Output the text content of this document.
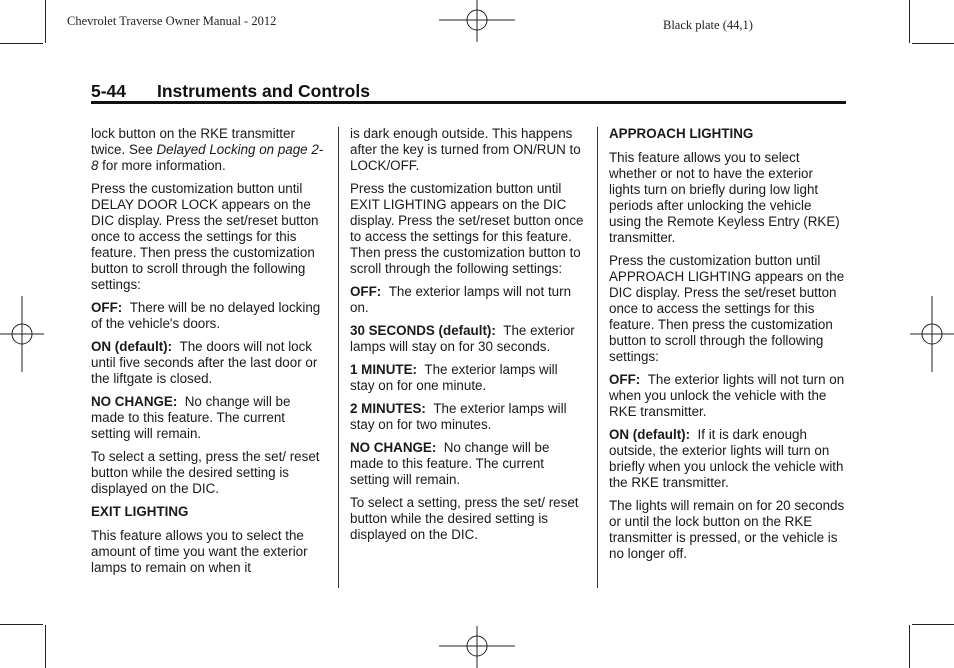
Chevrolet Traverse Owner Manual - 2012	Black plate (44,1)
5-44 Instruments and Controls

lock button on the RKE transmitter twice. See Delayed Locking on page 2-8 for more information.

Press the customization button until DELAY DOOR LOCK appears on the DIC display. Press the set/reset button once to access the settings for this feature. Then press the customization button to scroll through the following settings:

OFF: There will be no delayed locking of the vehicle's doors.

ON (default): The doors will not lock until five seconds after the last door or the liftgate is closed.

NO CHANGE: No change will be made to this feature. The current setting will remain.

To select a setting, press the set/ reset button while the desired setting is displayed on the DIC.

EXIT LIGHTING

This feature allows you to select the amount of time you want the exterior lamps to remain on when it

is dark enough outside. This happens after the key is turned from ON/RUN to LOCK/OFF.

Press the customization button until EXIT LIGHTING appears on the DIC display. Press the set/reset button once to access the settings for this feature. Then press the customization button to scroll through the following settings:

OFF: The exterior lamps will not turn on.

30 SECONDS (default): The exterior lamps will stay on for 30 seconds.

1 MINUTE: The exterior lamps will stay on for one minute.

2 MINUTES: The exterior lamps will stay on for two minutes.

NO CHANGE: No change will be made to this feature. The current setting will remain.

To select a setting, press the set/ reset button while the desired setting is displayed on the DIC.

APPROACH LIGHTING

This feature allows you to select whether or not to have the exterior lights turn on briefly during low light periods after unlocking the vehicle using the Remote Keyless Entry (RKE) transmitter.

Press the customization button until APPROACH LIGHTING appears on the DIC display. Press the set/reset button once to access the settings for this feature. Then press the customization button to scroll through the following settings:

OFF: The exterior lights will not turn on when you unlock the vehicle with the RKE transmitter.

ON (default): If it is dark enough outside, the exterior lights will turn on briefly when you unlock the vehicle with the RKE transmitter.

The lights will remain on for 20 seconds or until the lock button on the RKE transmitter is pressed, or the vehicle is no longer off.
